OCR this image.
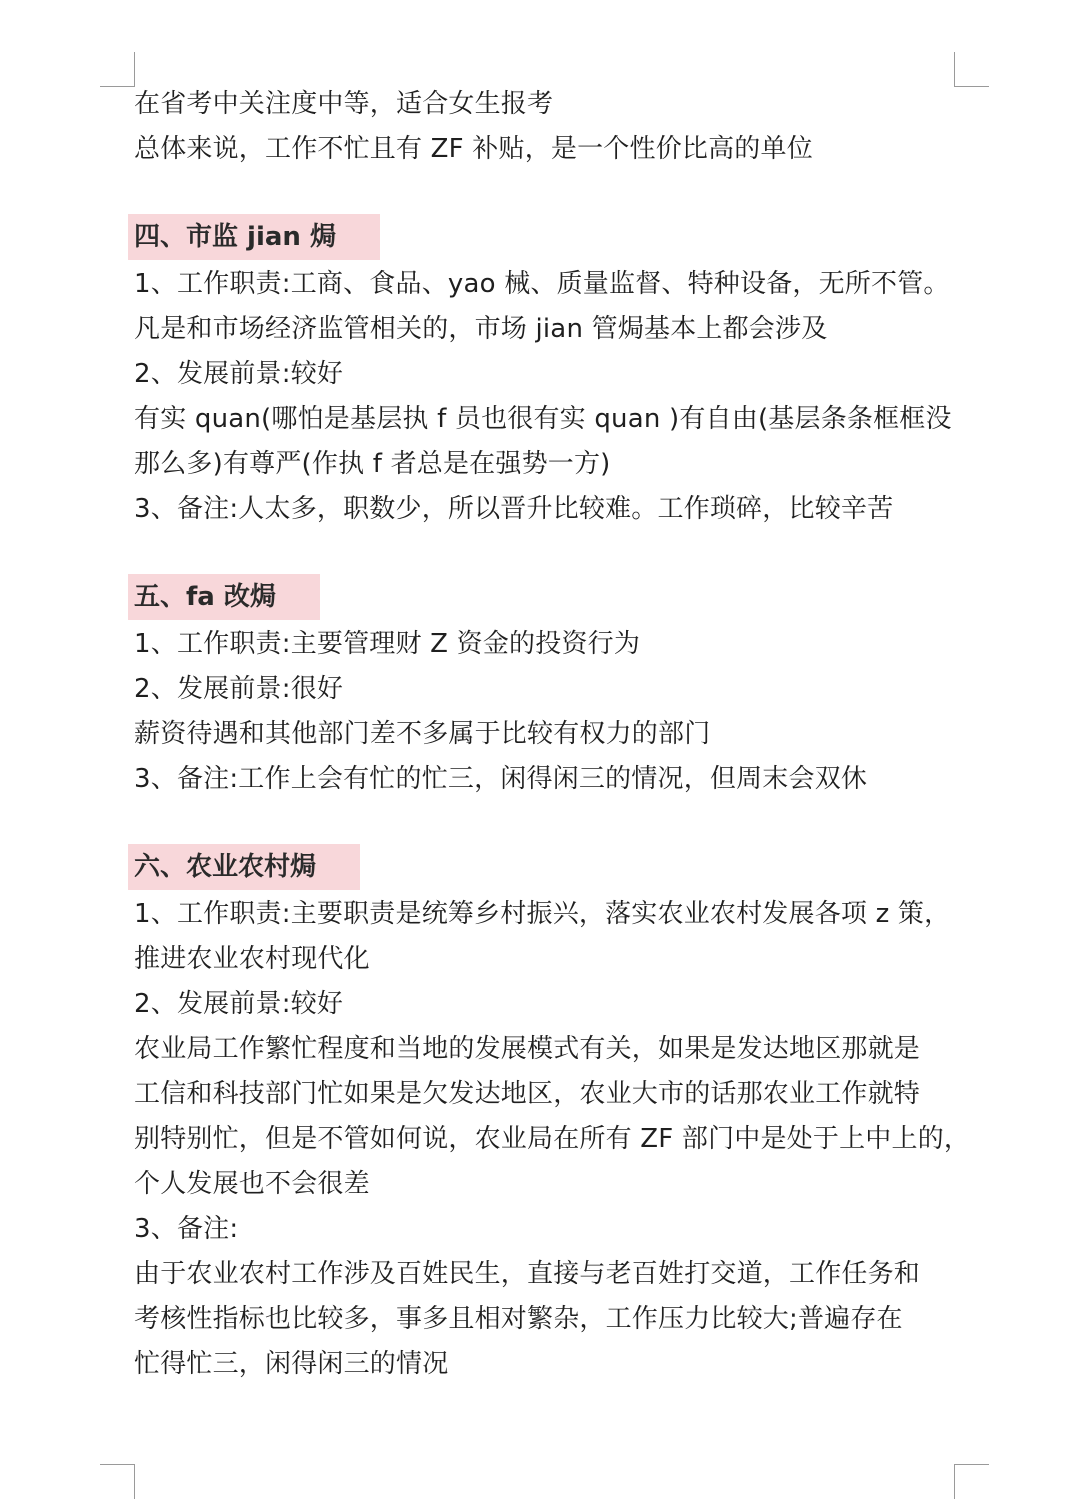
在省考中关注度中等，适合女生报考
总体来说，工作不忙且有 ZF 补贴，是一个性价比高的单位
四、市监 jian 焗
1、工作职责:工商、食品、yao 械、质量监督、特种设备，无所不管。
凡是和市场经济监管相关的，市场 jian 管焗基本上都会涉及
2、发展前景:较好
有实 quan(哪怕是基层执 f 员也很有实 quan )有自由(基层条条框框没
那么多)有尊严(作执 f 者总是在强势一方)
3、备注:人太多，职数少，所以晋升比较难。工作琐碎，比较辛苦
五、fa 改焗
1、工作职责:主要管理财 Z 资金的投资行为
2、发展前景:很好
薪资待遇和其他部门差不多属于比较有权力的部门
3、备注:工作上会有忙的忙三，闲得闲三的情况，但周末会双休
六、农业农村焗
1、工作职责:主要职责是统筹乡村振兴，落实农业农村发展各项 z 策，
推进农业农村现代化
2、发展前景:较好
农业局工作繁忙程度和当地的发展模式有关，如果是发达地区那就是
工信和科技部门忙如果是欠发达地区，农业大市的话那农业工作就特
别特别忙，但是不管如何说，农业局在所有 ZF 部门中是处于上中上的，
个人发展也不会很差
3、备注:
由于农业农村工作涉及百姓民生，直接与老百姓打交道，工作任务和
考核性指标也比较多，事多且相对繁杂，工作压力比较大;普遍存在
忙得忙三，闲得闲三的情况
